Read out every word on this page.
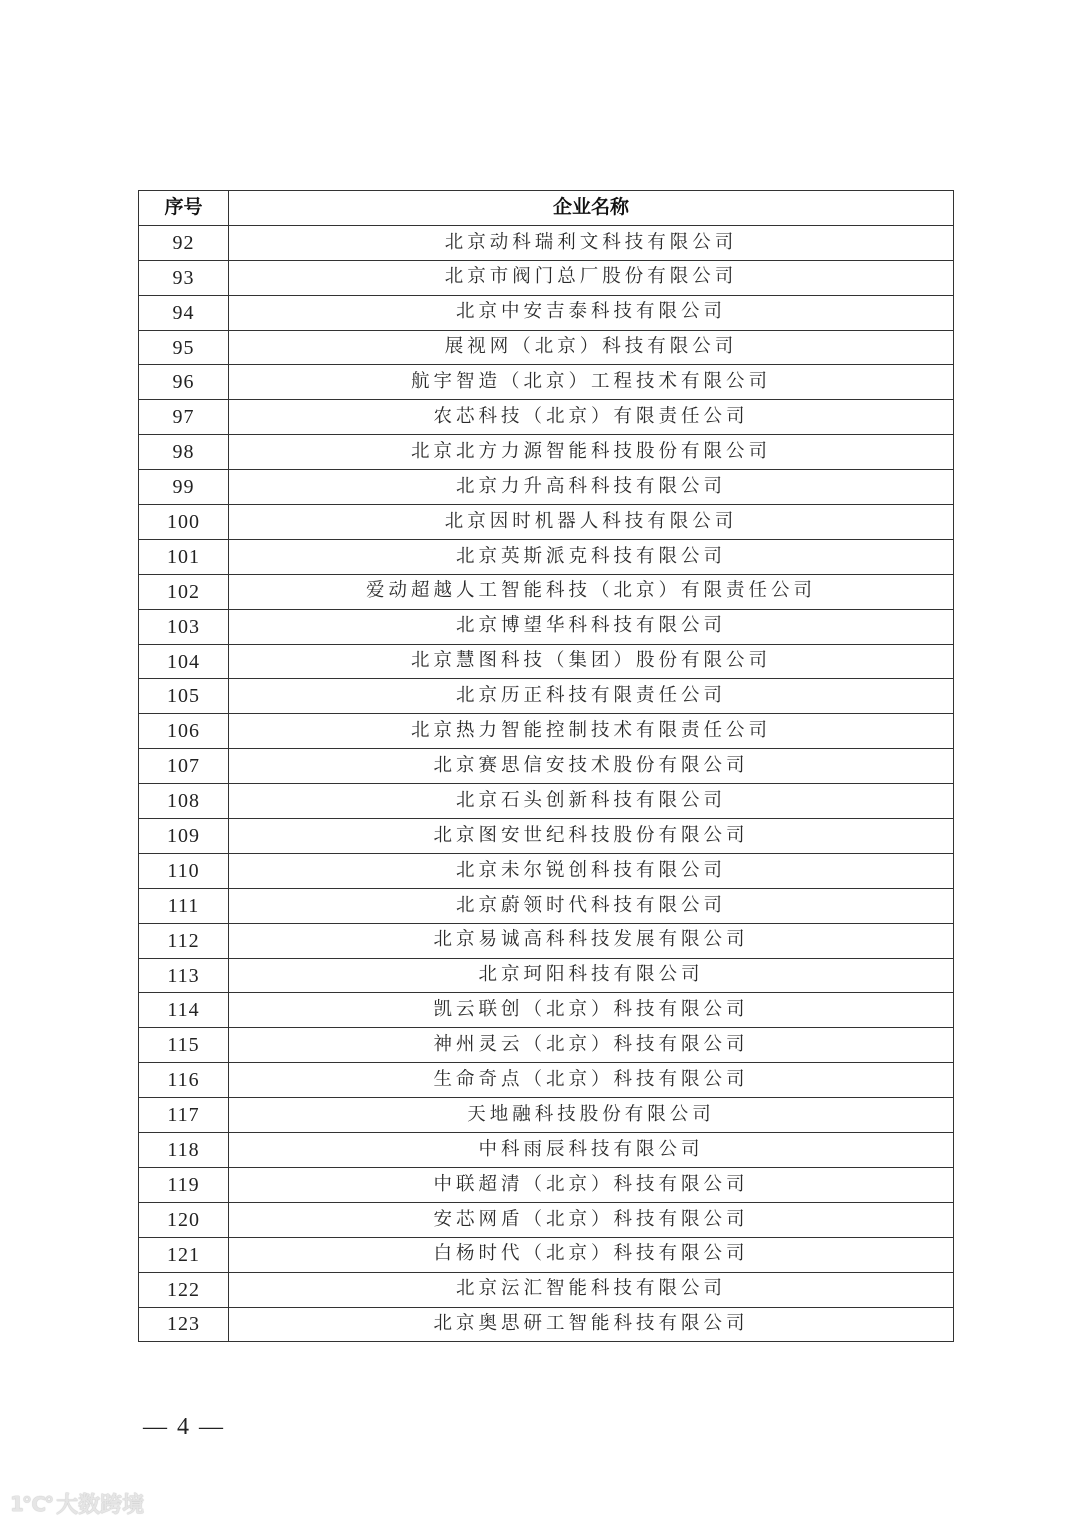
序号	企业名称
92	北京动科瑞利文科技有限公司
93	北京市阀门总厂股份有限公司
94	北京中安吉泰科技有限公司
95	展视网（北京）科技有限公司
96	航宇智造（北京）工程技术有限公司
97	农芯科技（北京）有限责任公司
98	北京北方力源智能科技股份有限公司
99	北京力升高科科技有限公司
100	北京因时机器人科技有限公司
101	北京英斯派克科技有限公司
102	爱动超越人工智能科技（北京）有限责任公司
103	北京博望华科科技有限公司
104	北京慧图科技（集团）股份有限公司
105	北京历正科技有限责任公司
106	北京热力智能控制技术有限责任公司
107	北京赛思信安技术股份有限公司
108	北京石头创新科技有限公司
109	北京图安世纪科技股份有限公司
110	北京未尔锐创科技有限公司
111	北京蔚领时代科技有限公司
112	北京易诚高科科技发展有限公司
113	北京珂阳科技有限公司
114	凯云联创（北京）科技有限公司
115	神州灵云（北京）科技有限公司
116	生命奇点（北京）科技有限公司
117	天地融科技股份有限公司
118	中科雨辰科技有限公司
119	中联超清（北京）科技有限公司
120	安芯网盾（北京）科技有限公司
121	白杨时代（北京）科技有限公司
122	北京沄汇智能科技有限公司
123	北京奥思研工智能科技有限公司
— 4 —
1℃° 大数跨境
